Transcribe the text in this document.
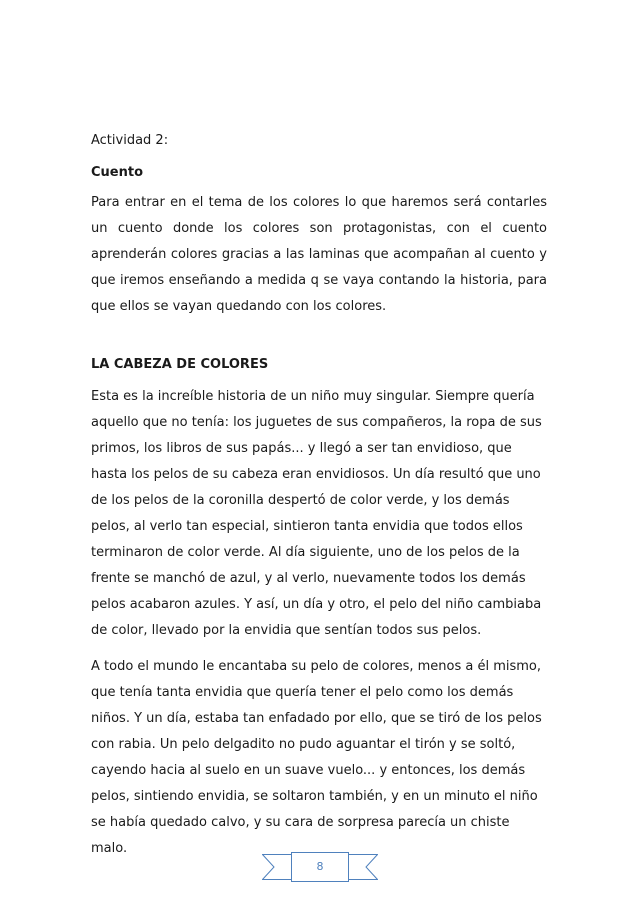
Actividad 2:

Cuento

Para entrar en el tema de los colores lo que haremos será contarles
un cuento donde los colores son protagonistas, con el cuento
aprenderán colores gracias a las laminas que acompañan al cuento y
que iremos enseñando a medida q se vaya contando la historia, para
que ellos se vayan quedando con los colores.

LA CABEZA DE COLORES

Esta es la increíble historia de un niño muy singular. Siempre quería
aquello que no tenía: los juguetes de sus compañeros, la ropa de sus
primos, los libros de sus papás... y llegó a ser tan envidioso, que
hasta los pelos de su cabeza eran envidiosos. Un día resultó que uno
de los pelos de la coronilla despertó de color verde, y los demás
pelos, al verlo tan especial, sintieron tanta envidia que todos ellos
terminaron de color verde. Al día siguiente, uno de los pelos de la
frente se manchó de azul, y al verlo, nuevamente todos los demás
pelos acabaron azules. Y así, un día y otro, el pelo del niño cambiaba
de color, llevado por la envidia que sentían todos sus pelos.
A todo el mundo le encantaba su pelo de colores, menos a él mismo,
que tenía tanta envidia que quería tener el pelo como los demás
niños. Y un día, estaba tan enfadado por ello, que se tiró de los pelos
con rabia. Un pelo delgadito no pudo aguantar el tirón y se soltó,
cayendo hacia al suelo en un suave vuelo... y entonces, los demás
pelos, sintiendo envidia, se soltaron también, y en un minuto el niño
se había quedado calvo, y su cara de sorpresa parecía un chiste malo.
8
